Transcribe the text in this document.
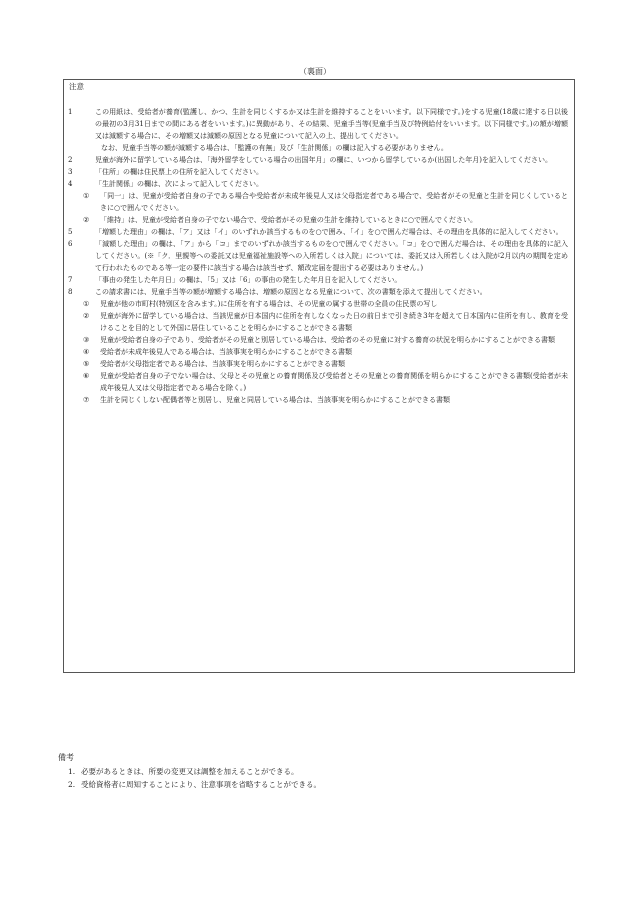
（裏面）
注意
1	この用紙は、受給者が養育(監護し、かつ、生計を同じくするか又は生計を維持することをいいます。以下同様です。)をする児童(18歳に達する日以後の最初の3月31日までの間にある者をいいます。)に異動があり、その結果、児童手当等(児童手当及び特例給付をいいます。以下同様です。)の額が増額又は減額する場合に、その増額又は減額の原因となる児童について記入の上、提出してください。
なお、児童手当等の額が減額する場合は、「監護の有無」及び「生計関係」の欄は記入する必要がありません。
2	児童が海外に留学している場合は、「海外留学をしている場合の出国年月」の欄に、いつから留学しているか(出国した年月)を記入してください。
3	「住所」の欄は住民票上の住所を記入してください。
4	「生計関係」の欄は、次によって記入してください。
① 「同一」は、児童が受給者自身の子である場合や受給者が未成年後見人又は父母指定者である場合で、受給者がその児童と生計を同じくしているときに○で囲んでください。
② 「維持」は、児童が受給者自身の子でない場合で、受給者がその児童の生計を維持しているときに○で囲んでください。
5	「増額した理由」の欄は、「ア」又は「イ」のいずれか該当するものを○で囲み、「イ」を○で囲んだ場合は、その理由を具体的に記入してください。
6	「減額した理由」の欄は、「ア」から「コ」までのいずれか該当するものを○で囲んでください。「コ」を○で囲んだ場合は、その理由を具体的に記入してください。(※「ク．里親等への委託又は児童福祉施設等への入所若しくは入院」については、委託又は入所若しくは入院が2月以内の期間を定めて行われたものである等一定の要件に該当する場合は該当せず、額改定届を提出する必要はありません。)
7	「事由の発生した年月日」の欄は、「5」又は「6」の事由の発生した年月日を記入してください。
8	この請求書には、児童手当等の額が増額する場合は、増額の原因となる児童について、次の書類を添えて提出してください。
① 児童が他の市町村(特別区を含みます。)に住所を有する場合は、その児童の属する世帯の全員の住民票の写し
② 児童が海外に留学している場合は、当該児童が日本国内に住所を有しなくなった日の前日まで引き続き3年を超えて日本国内に住所を有し、教育を受けることを目的として外国に居住していることを明らかにすることができる書類
③ 児童が受給者自身の子であり、受給者がその児童と別居している場合は、受給者のその児童に対する養育の状況を明らかにすることができる書類
④ 受給者が未成年後見人である場合は、当該事実を明らかにすることができる書類
⑤ 受給者が父母指定者である場合は、当該事実を明らかにすることができる書類
⑥ 児童が受給者自身の子でない場合は、父母とその児童との養育関係及び受給者とその児童との養育関係を明らかにすることができる書類(受給者が未成年後見人又は父母指定者である場合を除く。)
⑦ 生計を同じくしない配偶者等と別居し、児童と同居している場合は、当該事実を明らかにすることができる書類
備考
1. 必要があるときは、所要の変更又は調整を加えることができる。
2. 受給資格者に周知することにより、注意事項を省略することができる。
